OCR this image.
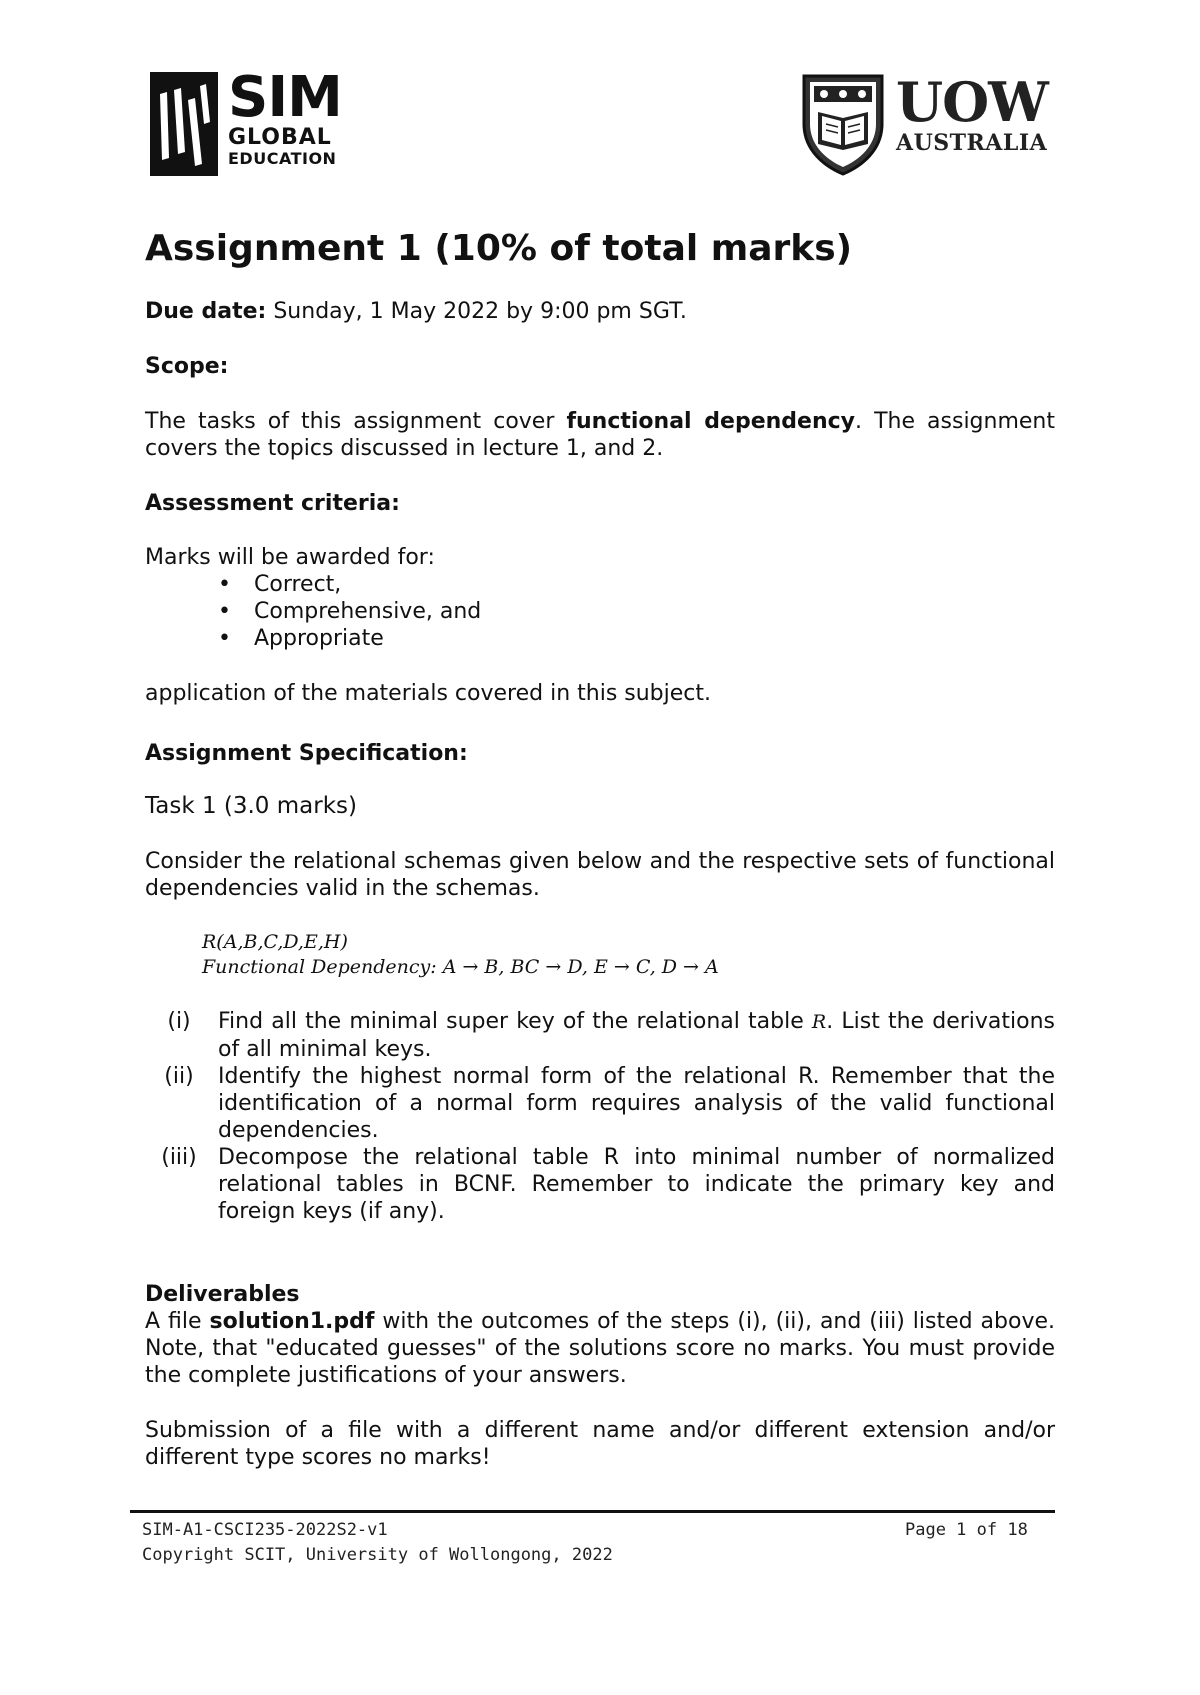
SIM
GLOBAL
EDUCATION
UOW
AUSTRALIA
Assignment 1 (10% of total marks)
Due date: Sunday, 1 May 2022 by 9:00 pm SGT.
Scope:

The tasks of this assignment cover functional dependency. The assignment covers the topics discussed in lecture 1, and 2.

Assessment criteria:
Marks will be awarded for:
• Correct,
• Comprehensive, and
• Appropriate
application of the materials covered in this subject.
Assignment Specification:
Task 1 (3.0 marks)

Consider the relational schemas given below and the respective sets of functional dependencies valid in the schemas.

R(A,B,C,D,E,H)
Functional Dependency: A → B, BC → D, E → C, D → A
(i)	Find all the minimal super key of the relational table R. List the derivations of all minimal keys.
(ii)	Identify the highest normal form of the relational R. Remember that the identification of a normal form requires analysis of the valid functional dependencies.
(iii) Decompose the relational table R into minimal number of normalized relational tables in BCNF. Remember to indicate the primary key and foreign keys (if any).
Deliverables

A file solution1.pdf with the outcomes of the steps (i), (ii), and (iii) listed above. Note, that "educated guesses" of the solutions score no marks. You must provide the complete justifications of your answers.

Submission of a file with a different name and/or different extension and/or different type scores no marks!

SIM-A1-CSCI235-2022S2-v1
Copyright SCIT, University of Wollongong, 2022
Page 1 of 18
